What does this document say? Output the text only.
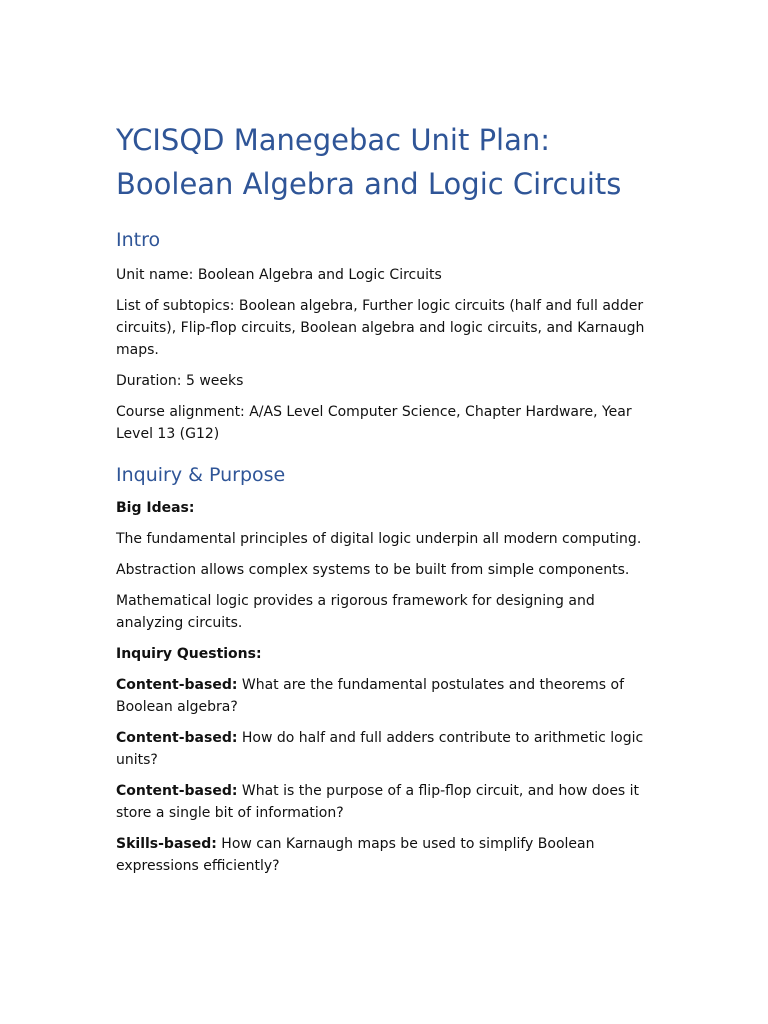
YCISQD Manegebac Unit Plan: Boolean Algebra and Logic Circuits
Intro

Unit name: Boolean Algebra and Logic Circuits

List of subtopics: Boolean algebra, Further logic circuits (half and full adder circuits), Flip-flop circuits, Boolean algebra and logic circuits, and Karnaugh maps.

Duration: 5 weeks

Course alignment: A/AS Level Computer Science, Chapter Hardware, Year Level 13 (G12)

Inquiry & Purpose

Big Ideas:

The fundamental principles of digital logic underpin all modern computing.

Abstraction allows complex systems to be built from simple components.

Mathematical logic provides a rigorous framework for designing and analyzing circuits.

Inquiry Questions:

Content-based: What are the fundamental postulates and theorems of Boolean algebra?

Content-based: How do half and full adders contribute to arithmetic logic units?

Content-based: What is the purpose of a flip-flop circuit, and how does it store a single bit of information?

Skills-based: How can Karnaugh maps be used to simplify Boolean expressions efficiently?
